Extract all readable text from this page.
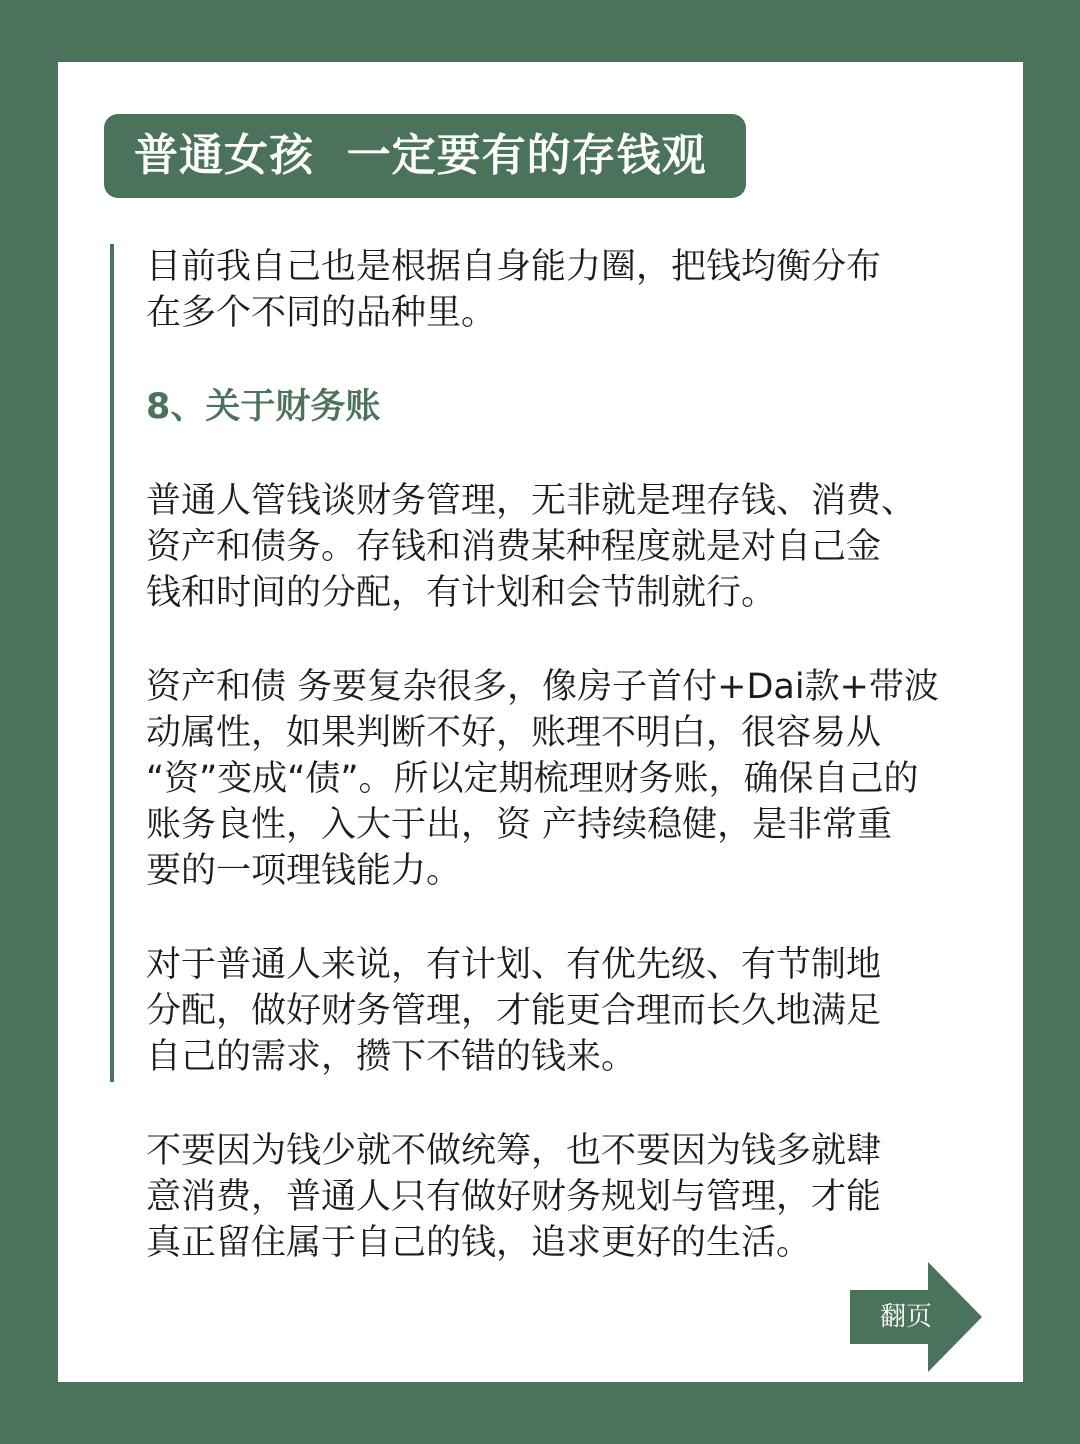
普通女孩  一定要有的存钱观

目前我自己也是根据自身能力圈，把钱均衡分布

在多个不同的品种里。

8、关于财务账

普通人管钱谈财务管理，无非就是理存钱、消费、

资产和债务。存钱和消费某种程度就是对自己金

钱和时间的分配，有计划和会节制就行。

资产和债 务要复杂很多，像房子首付+Dai款+带波

动属性，如果判断不好，账理不明白，很容易从

“资”变成“债”。所以定期梳理财务账，确保自己的

账务良性，入大于出，资 产持续稳健，是非常重

要的一项理钱能力。

对于普通人来说，有计划、有优先级、有节制地

分配，做好财务管理，才能更合理而长久地满足

自己的需求，攒下不错的钱来。

不要因为钱少就不做统筹，也不要因为钱多就肆

意消费，普通人只有做好财务规划与管理，才能

真正留住属于自己的钱，追求更好的生活。

翻页
